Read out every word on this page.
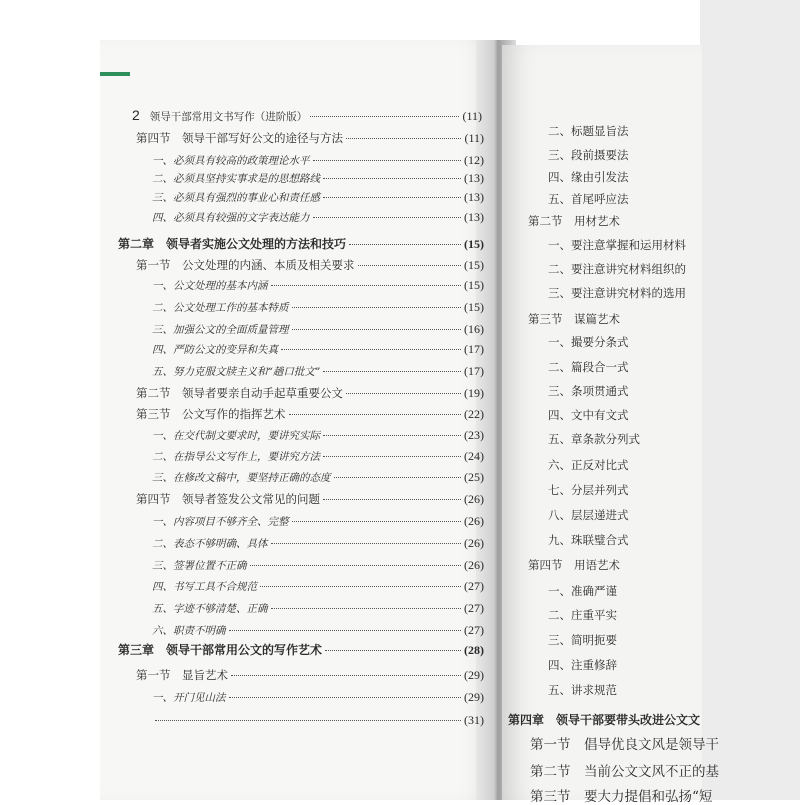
2 领导干部常用文书写作（进阶版）	(11)
第四节　领导干部写好公文的途径与方法	(11)
一、必须具有较高的政策理论水平	(12)
二、必须具坚持实事求是的思想路线	(13)
三、必须具有强烈的事业心和责任感	(13)
四、必须具有较强的文字表达能力	(13)
第二章　领导者实施公文处理的方法和技巧	(15)
第一节　公文处理的内涵、本质及相关要求	(15)
一、公文处理的基本内涵	(15)
二、公文处理工作的基本特质	(15)
三、加强公文的全面质量管理	(16)
四、严防公文的变异和失真	(17)
五、努力克服文牍主义和“趟口批文”	(17)
第二节　领导者要亲自动手起草重要公文	(19)
第三节　公文写作的指挥艺术	(22)
一、在交代制文要求时，要讲究实际	(23)
二、在指导公文写作上，要讲究方法	(24)
三、在修改文稿中，要坚持正确的态度	(25)
第四节　领导者签发公文常见的问题	(26)
一、内容项目不够齐全、完整	(26)
二、表态不够明确、具体	(26)
三、签署位置不正确	(26)
四、书写工具不合规范	(27)
五、字迹不够清楚、正确	(27)
六、职责不明确	(27)
第三章　领导干部常用公文的写作艺术	(28)
第一节　显旨艺术	(29)
一、开门见山法	(29)
(31)
二、标题显旨法
三、段前摄要法
四、缘由引发法
五、首尾呼应法
第二节　用材艺术
一、要注意掌握和运用材料
二、要注意讲究材料组织的
三、要注意讲究材料的选用
第三节　谋篇艺术
一、撮要分条式
二、篇段合一式
三、条项贯通式
四、文中有文式
五、章条款分列式
六、正反对比式
七、分层并列式
八、层层递进式
九、珠联璧合式
第四节　用语艺术
一、准确严谨
二、庄重平实
三、简明扼要
四、注重修辞
五、讲求规范
第四章　领导干部要带头改进公文文
第一节　倡导优良文风是领导干
第二节　当前公文文风不正的基
第三节　要大力提倡和弘扬“短
